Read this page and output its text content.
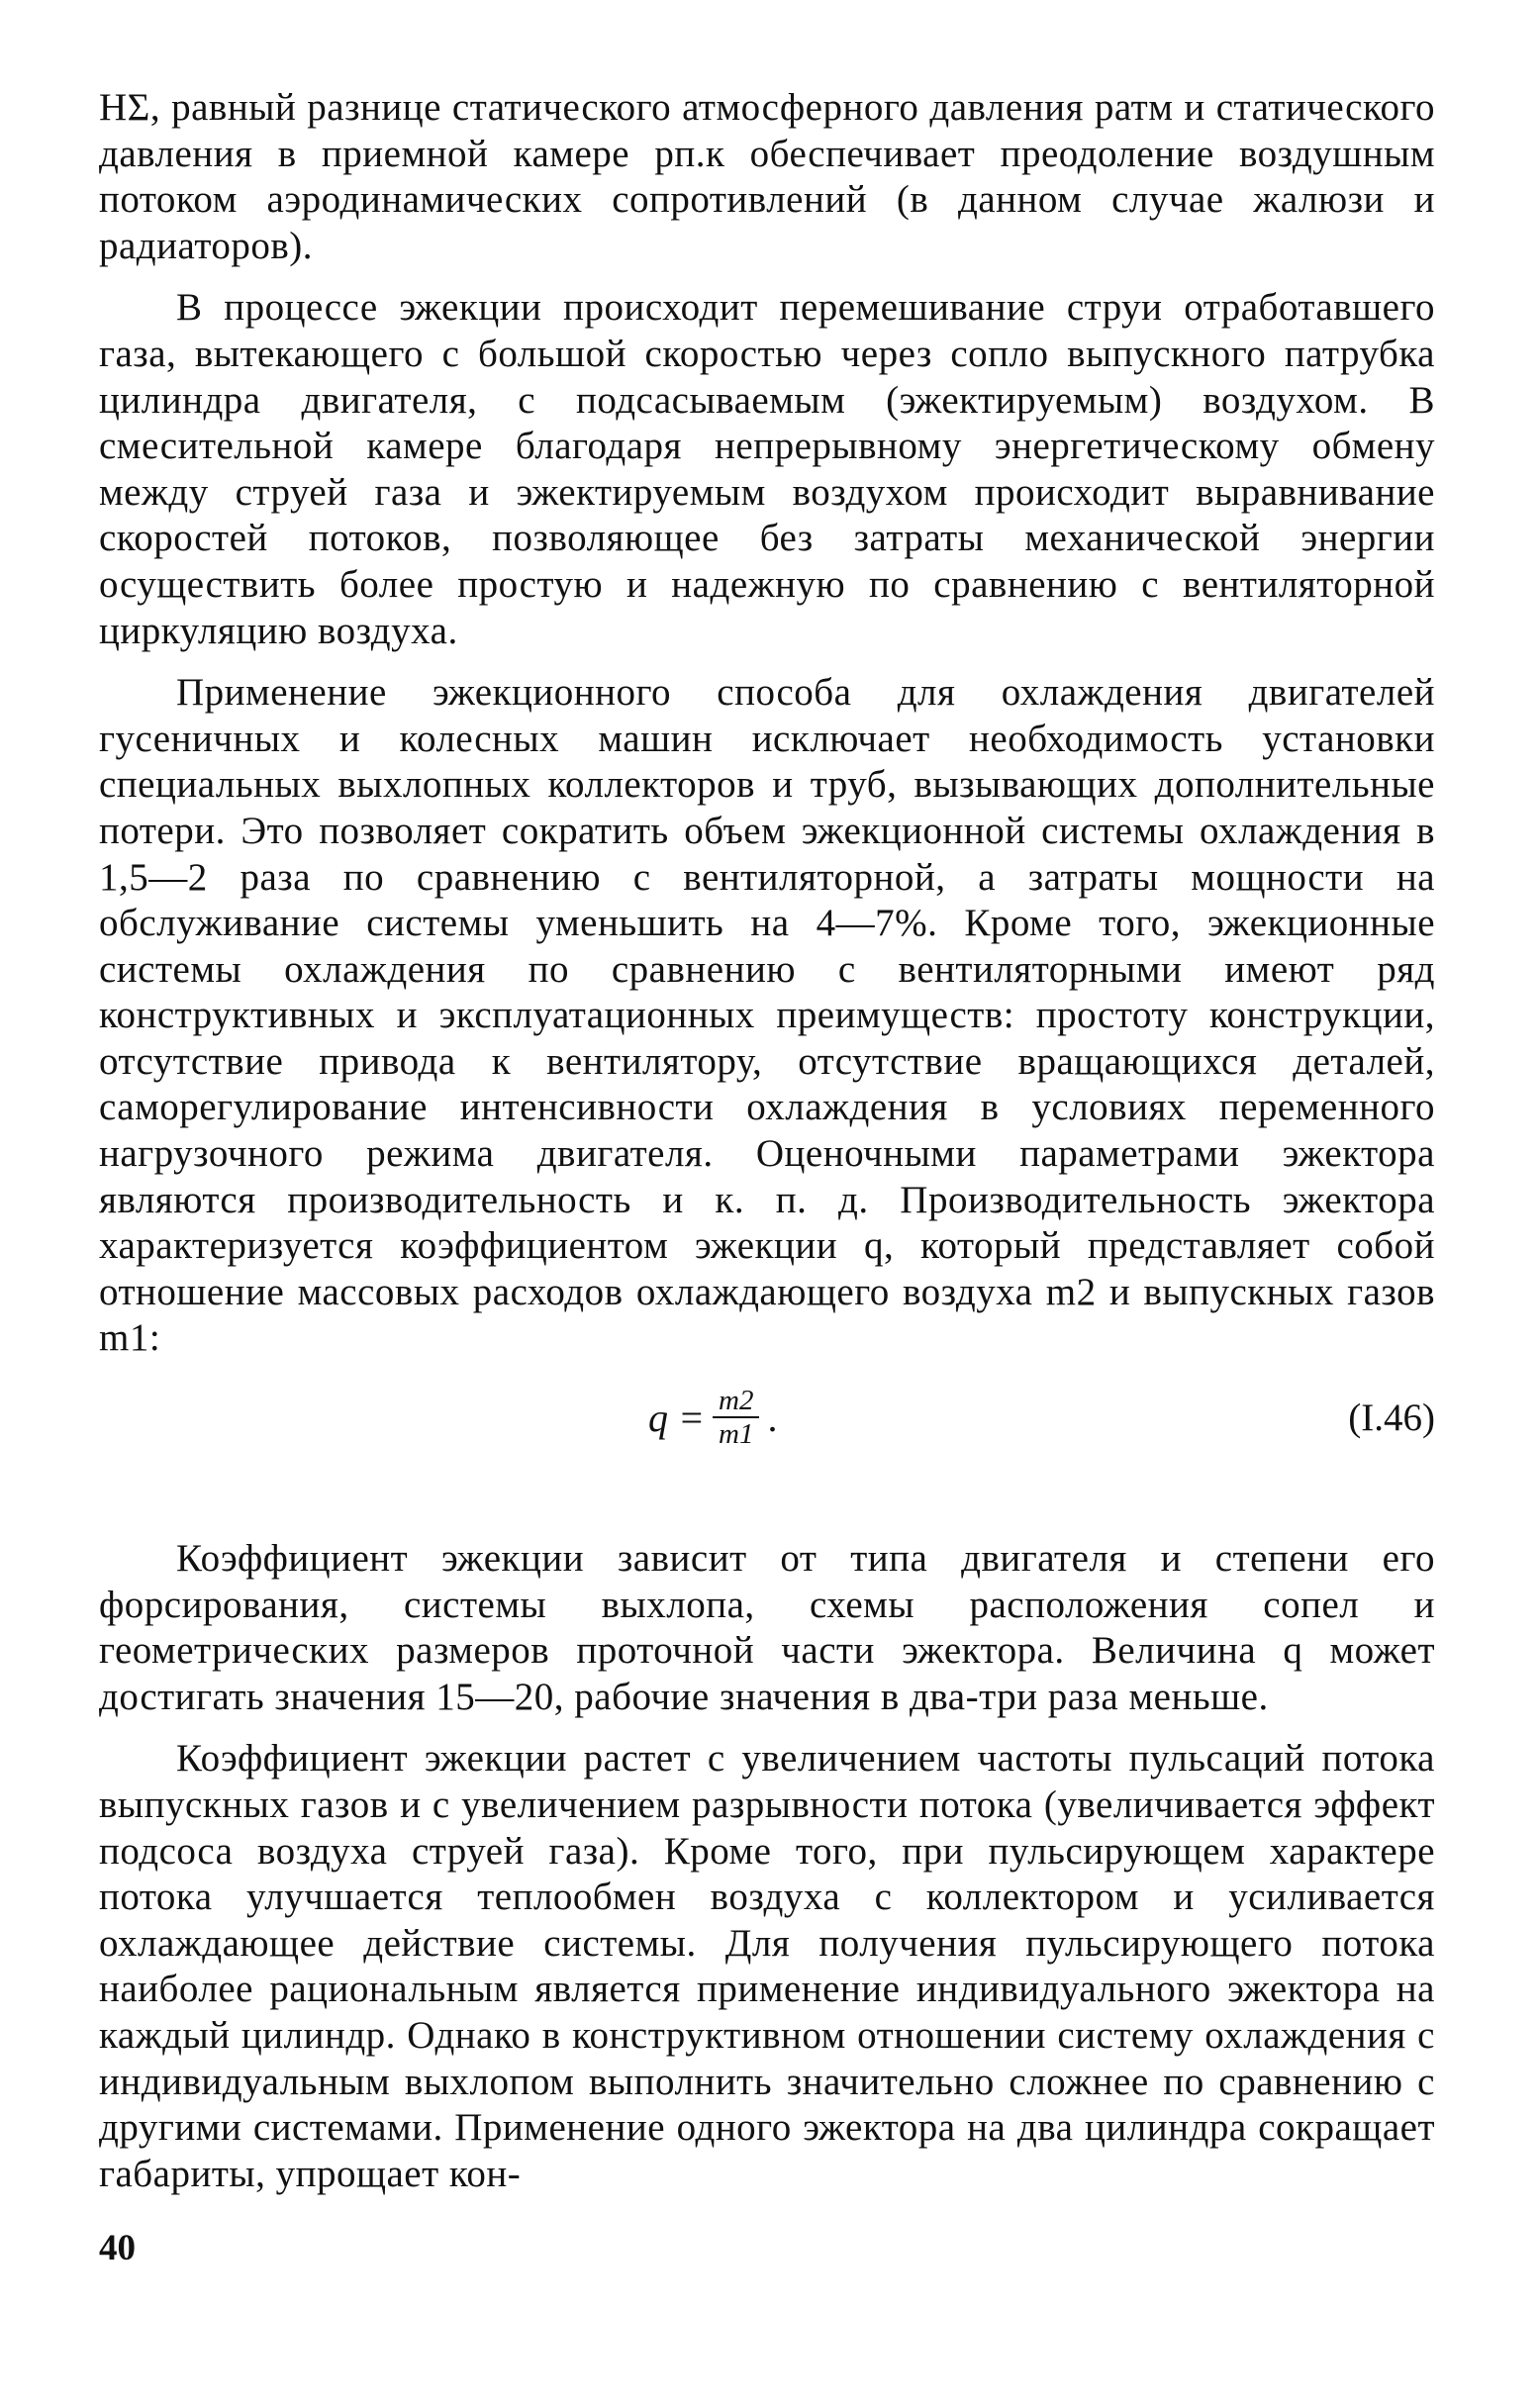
HΣ, равный разнице статического атмосферного давления pатм и статического давления в приемной камере pп.к обеспечивает преодоление воздушным потоком аэродинамических сопротивлений (в данном случае жалюзи и радиаторов).

В процессе эжекции происходит перемешивание струи отработавшего газа, вытекающего с большой скоростью через сопло выпускного патрубка цилиндра двигателя, с подсасываемым (эжектируемым) воздухом. В смесительной камере благодаря непрерывному энергетическому обмену между струей газа и эжектируемым воздухом происходит выравнивание скоростей потоков, позволяющее без затраты механической энергии осуществить более простую и надежную по сравнению с вентиляторной циркуляцию воздуха.

Применение эжекционного способа для охлаждения двигателей гусеничных и колесных машин исключает необходимость установки специальных выхлопных коллекторов и труб, вызывающих дополнительные потери. Это позволяет сократить объем эжекционной системы охлаждения в 1,5—2 раза по сравнению с вентиляторной, а затраты мощности на обслуживание системы уменьшить на 4—7%. Кроме того, эжекционные системы охлаждения по сравнению с вентиляторными имеют ряд конструктивных и эксплуатационных преимуществ: простоту конструкции, отсутствие привода к вентилятору, отсутствие вращающихся деталей, саморегулирование интенсивности охлаждения в условиях переменного нагрузочного режима двигателя. Оценочными параметрами эжектора являются производительность и к. п. д. Производительность эжектора характеризуется коэффициентом эжекции q, который представляет собой отношение массовых расходов охлаждающего воздуха m2 и выпускных газов m1:

$q = \frac{m2}{m1}$ .	(I.46)

Коэффициент эжекции зависит от типа двигателя и степени его форсирования, системы выхлопа, схемы расположения сопел и геометрических размеров проточной части эжектора. Величина q может достигать значения 15—20, рабочие значения в два-три раза меньше.

Коэффициент эжекции растет с увеличением частоты пульсаций потока выпускных газов и с увеличением разрывности потока (увеличивается эффект подсоса воздуха струей газа). Кроме того, при пульсирующем характере потока улучшается теплообмен воздуха с коллектором и усиливается охлаждающее действие системы. Для получения пульсирующего потока наиболее рациональным является применение индивидуального эжектора на каждый цилиндр. Однако в конструктивном отношении систему охлаждения с индивидуальным выхлопом выполнить значительно сложнее по сравнению с другими системами. Применение одного эжектора на два цилиндра сокращает габариты, упрощает кон-

40
